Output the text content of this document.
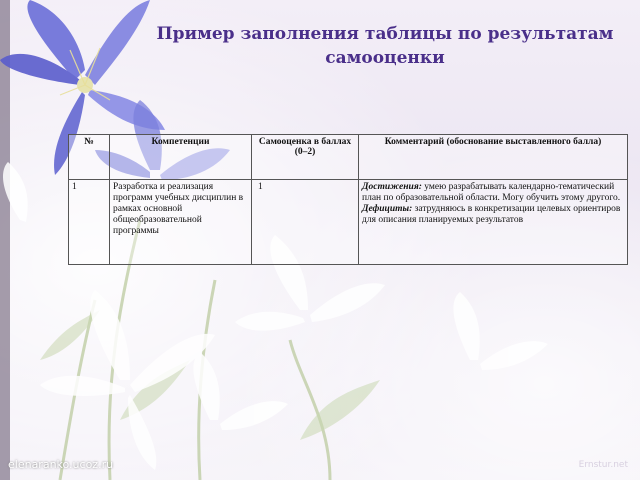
Пример заполнения таблицы по результатам самооценки
№	Компетенции	Самооценка в баллах (0–2)	Комментарий (обоснование выставленного балла)
1	Разработка и реализация программ учебных дисциплин в рамках основной общеобразовательной программы	1	Достижения: умею разрабатывать календарно-тематический план по образовательной области. Могу обучить этому другого.
Дефициты: затрудняюсь в конкретизации целевых ориентиров для описания планируемых результатов
elenaranko.ucoz.ru	Ernstur.net
